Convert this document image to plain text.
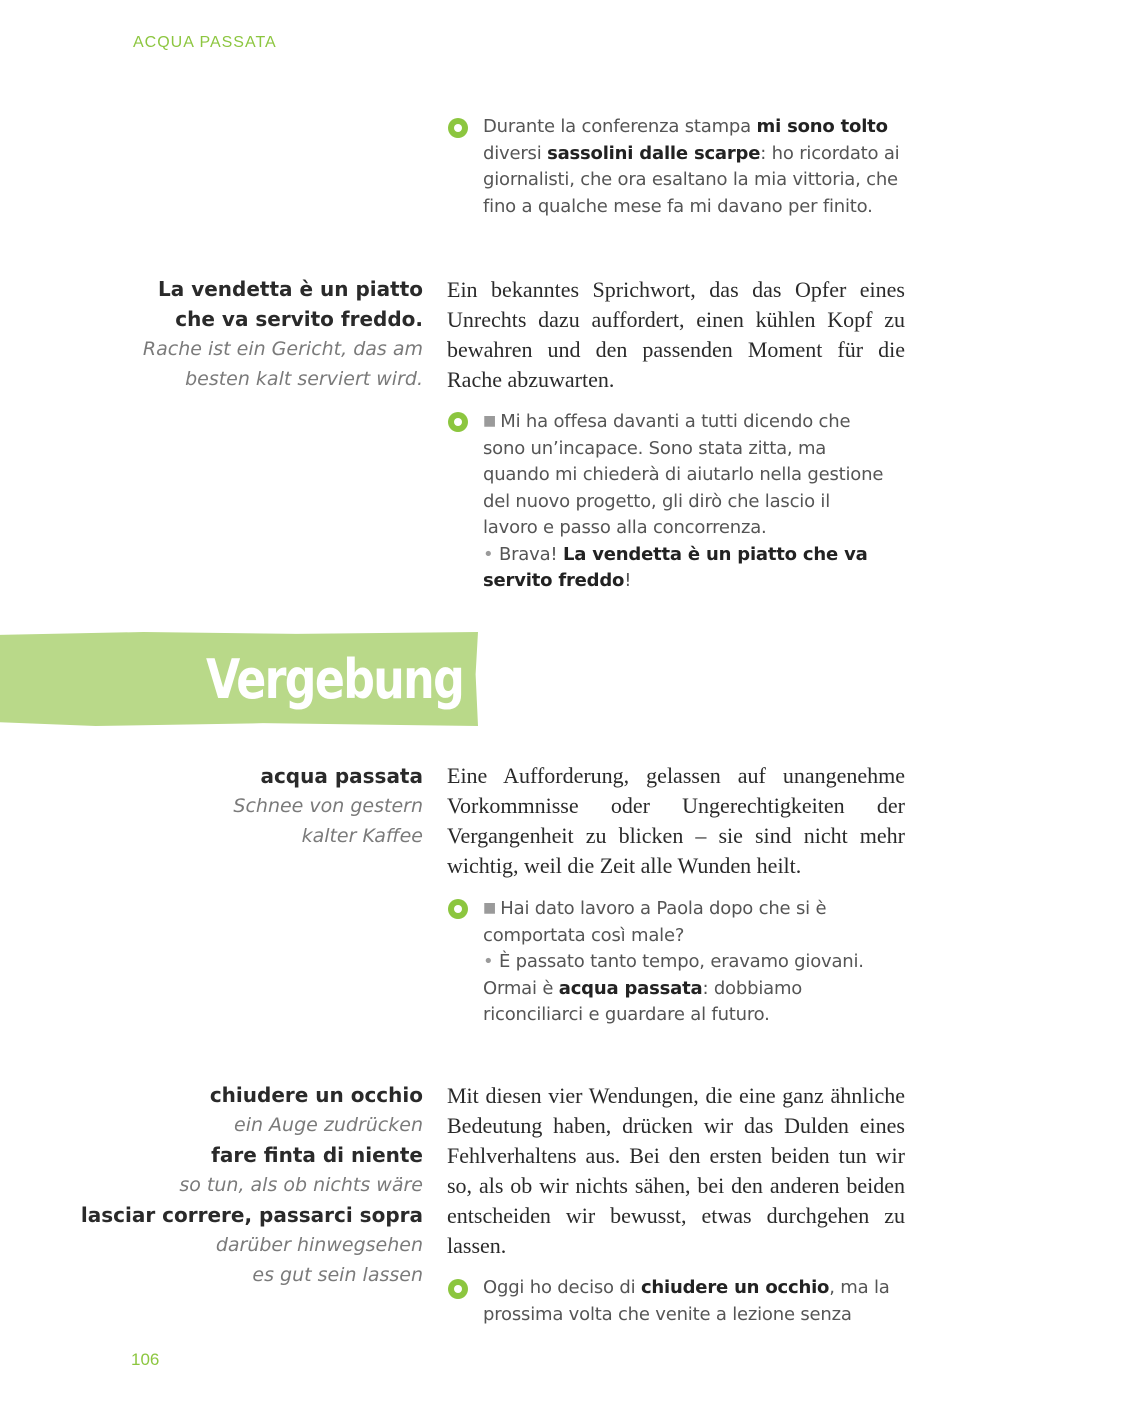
ACQUA PASSATA
Durante la conferenza stampa mi sono tolto
diversi sassolini dalle scarpe: ho ricordato ai
giornalisti, che ora esaltano la mia vittoria, che
fino a qualche mese fa mi davano per finito.
La vendetta è un piatto
che va servito freddo.
Rache ist ein Gericht, das am
besten kalt serviert wird.
Ein bekanntes Sprichwort, das das Opfer eines Unrechts dazu auffordert, einen kühlen Kopf zu bewahren und den passenden Moment für die Rache abzuwarten.
■ Mi ha offesa davanti a tutti dicendo che
sono un’incapace. Sono stata zitta, ma
quando mi chiederà di aiutarlo nella gestione
del nuovo progetto, gli dirò che lascio il
lavoro e passo alla concorrenza.
• Brava! La vendetta è un piatto che va
servito freddo!
Vergebung
acqua passata
Schnee von gestern
kalter Kaffee
Eine Aufforderung, gelassen auf unangenehme Vorkommnisse oder Ungerechtigkeiten der Vergangenheit zu blicken – sie sind nicht mehr wichtig, weil die Zeit alle Wunden heilt.
■ Hai dato lavoro a Paola dopo che si è
comportata così male?
• È passato tanto tempo, eravamo giovani.
Ormai è acqua passata: dobbiamo
riconciliarci e guardare al futuro.
chiudere un occhio
ein Auge zudrücken
fare finta di niente
so tun, als ob nichts wäre
lasciar correre, passarci sopra
darüber hinwegsehen
es gut sein lassen
Mit diesen vier Wendungen, die eine ganz ähnliche Bedeutung haben, drücken wir das Dulden eines Fehlverhaltens aus. Bei den ersten beiden tun wir so, als ob wir nichts sähen, bei den anderen beiden entscheiden wir bewusst, etwas durchgehen zu lassen.
Oggi ho deciso di chiudere un occhio, ma la
prossima volta che venite a lezione senza
106
